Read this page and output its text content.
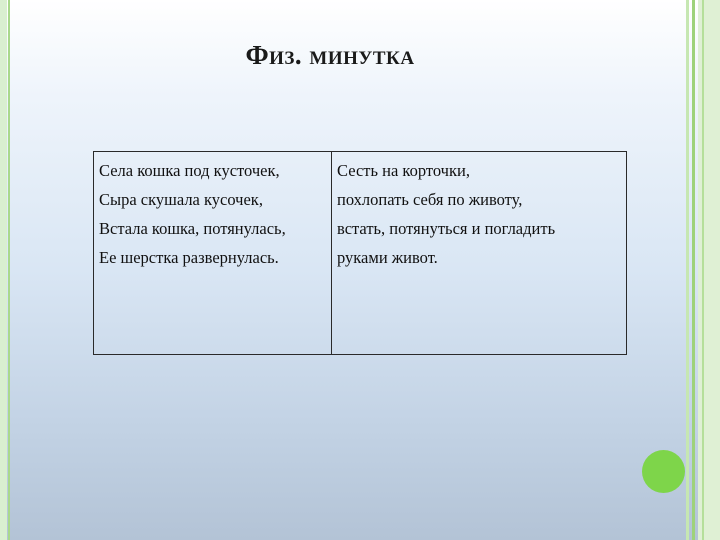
Физ. минутка
Села кошка под кусточек,
Сыра скушала кусочек,
Встала кошка, потянулась,
Ее шерстка развернулась.
Сесть на корточки,
похлопать себя по животу,
встать, потянуться и погладить
руками живот.
